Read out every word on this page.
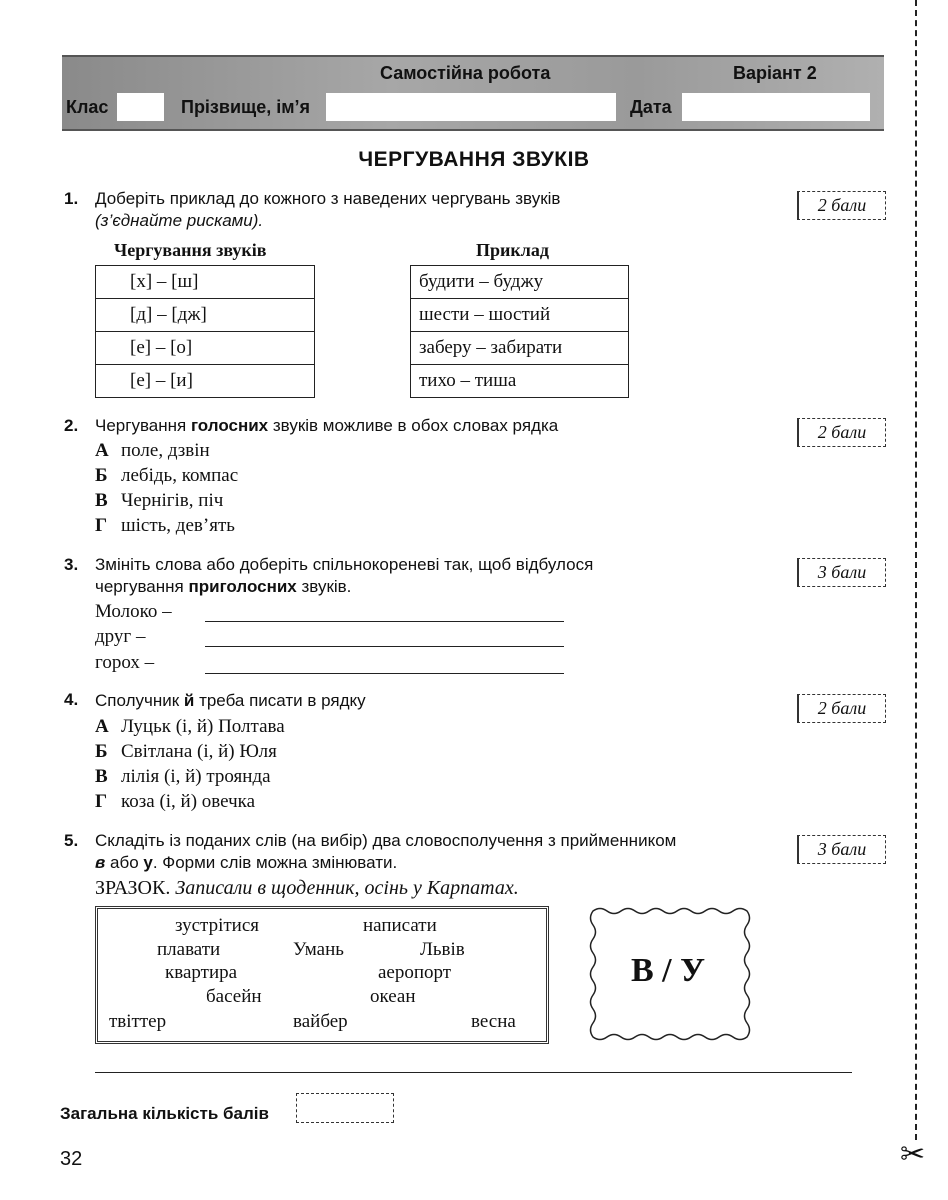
✂
Самостійна робота	Варіант 2
Клас	Прізвище, ім’я	Дата
ЧЕРГУВАННЯ ЗВУКІВ
1. Доберіть приклад до кожного з наведених чергувань звуків
(з’єднайте рисками).
2 бали
Чергування звуків	Приклад
[х] – [ш]
[д] – [дж]
[е] – [о]
[е] – [и]
будити – буджу
шести – шостий
заберу – забирати
тихо – тиша
2. Чергування голосних звуків можливе в обох словах рядка	2 бали
А поле, дзвін
Б лебідь, компас
В Чернігів, піч
Г шість, дев’ять
3. Змініть слова або доберіть спільнокореневі так, щоб відбулося
чергування приголосних звуків.
3 бали
Молоко –
друг –
горох –
4. Сполучник й треба писати в рядку	2 бали
А Луцьк (і, й) Полтава
Б Світлана (і, й) Юля
В лілія (і, й) троянда
Г коза (і, й) овечка
5. Складіть із поданих слів (на вибір) два словосполучення з прийменником
в або у. Форми слів можна змінювати.
3 бали
ЗРАЗОК. Записали в щоденник, осінь у Карпатах.
зустрітися	написати
плавати	Умань	Львів
квартира	аеропорт
басейн	океан
твіттер	вайбер	весна
В / У
Загальна кількість балів
32
